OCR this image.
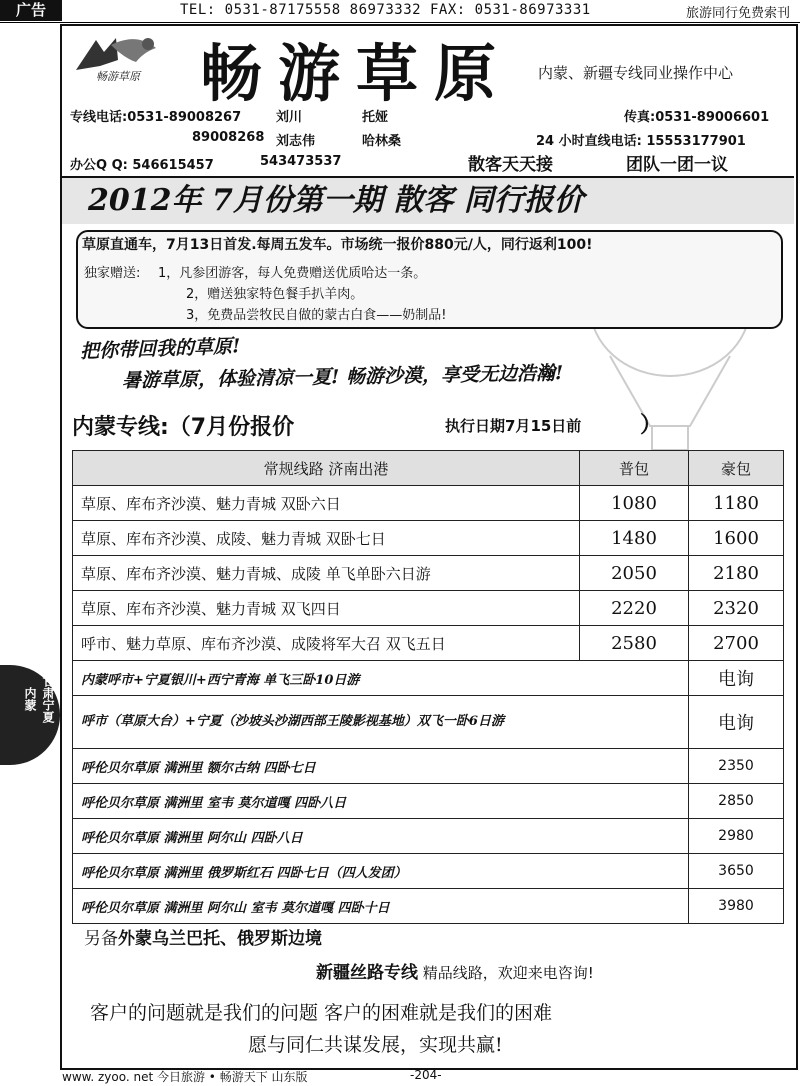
广告	TEL: 0531-87175558 86973332 FAX: 0531-86973331	旅游同行免费索刊
畅游草原 畅游草原 内蒙、新疆专线同业操作中心
专线电话:0531-89008267	刘川	托娅	传真:0531-89006601
89008268 刘志伟	哈林桑	24 小时直线电话: 15553177901
办公Q Q: 546615457	543473537	散客天天接	团队一团一议
2012年 7月份第一期 散客 同行报价
草原直通车，7月13日首发.每周五发车。市场统一报价880元/人，同行返利100!
独家赠送: 1，凡参团游客，每人免费赠送优质哈达一条。
2，赠送独家特色餐手扒羊肉。
3，免费品尝牧民自做的蒙古白食——奶制品!
把你带回我的草原!
暑游草原，体验清凉一夏! 畅游沙漠，享受无边浩瀚!
内蒙专线:（7月份报价	执行日期7月15日前	）
常规线路 济南出港	普包	豪包
草原、库布齐沙漠、魅力青城 双卧六日	1080	1180
草原、库布齐沙漠、成陵、魅力青城 双卧七日	1480	1600
草原、库布齐沙漠、魅力青城、成陵 单飞单卧六日游	2050	2180
草原、库布齐沙漠、魅力青城 双飞四日	2220	2320
呼市、魅力草原、库布齐沙漠、成陵将军大召 双飞五日	2580	2700
内蒙呼市+宁夏银川+西宁青海 单飞三卧10日游		电询
呼市（草原大台）+宁夏（沙坡头沙湖西部王陵影视基地）双飞一卧6日游		电询
呼伦贝尔草原 满洲里 额尔古纳 四卧七日		2350
呼伦贝尔草原 满洲里 室韦 莫尔道嘎 四卧八日		2850
呼伦贝尔草原 满洲里 阿尔山 四卧八日		2980
呼伦贝尔草原 满洲里 俄罗斯红石 四卧七日（四人发团）		3650
呼伦贝尔草原 满洲里 阿尔山 室韦 莫尔道嘎 四卧十日		3980
内蒙 甘肃宁夏
另备外蒙乌兰巴托、俄罗斯边境
新疆丝路专线 精品线路，欢迎来电咨询!
客户的问题就是我们的问题 客户的困难就是我们的困难
愿与同仁共谋发展，实现共赢!
www. zyoo. net 今日旅游 • 畅游天下 山东版	-204-
